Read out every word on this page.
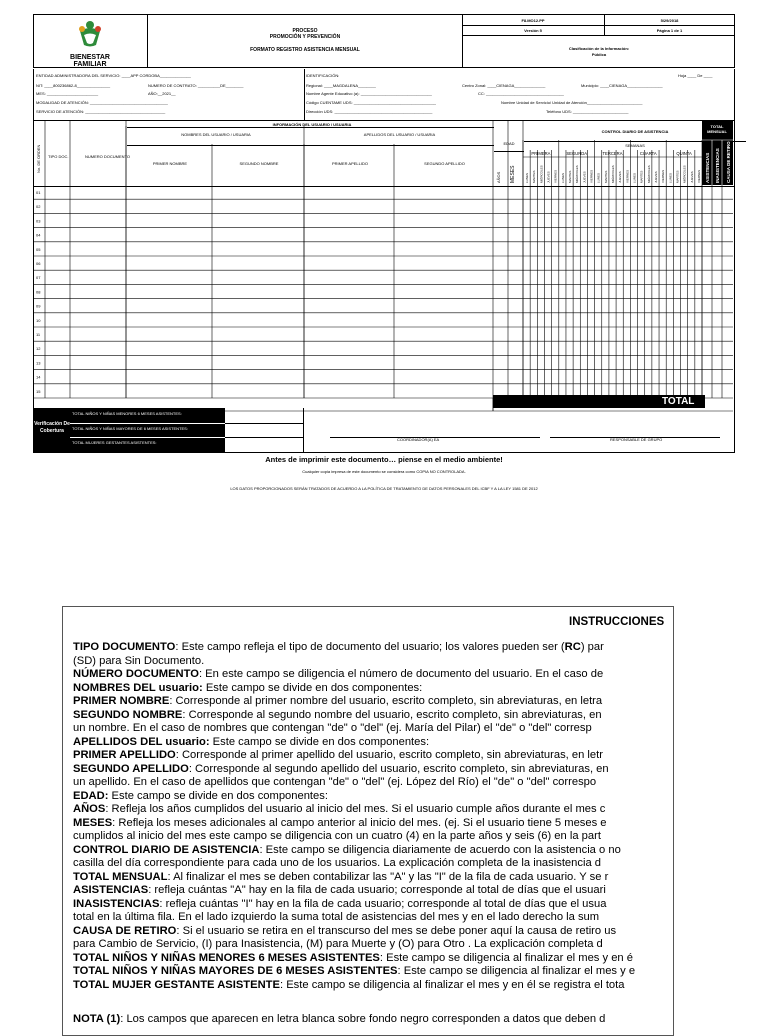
BIENESTAR
FAMILIAR
PROCESO
PROMOCIÓN Y PREVENCIÓN
FORMATO REGISTRO ASISTENCIA MENSUAL
F8.MO12.PP	5/29/2018
Versión 5	Página 1 de 1
Clasificación de la Información:
Pública
ENTIDAD ADMINISTRADORA DEL SERVICIO: ____APP CORDOBA______________
NIT: ____800236862-8_______________	NUMERO DE CONTRATO: __________DE________
MES: _______________________	AÑO:__2021__
MODALIDAD DE ATENCIÓN: ___________________________________
SERVICIO DE ATENCIÓN: ____________________________________
IDENTIFICACIÓN:
Regional: ____MAGDALENA________
Nombre Agente Educativo (a): ________________________________
Código CUENTAME UDS: _____________________________________
Dirección UDS: ____________________________________________
Centro Zonal: ____CIENAGA______________	Municipio: ____CIENAGA________________
CC: ___________________________________
Nombre Unidad de Servicio/ Unidad de Atención_________________________
Teléfono UDS: _________________________
Hoja ____ De ____
INFORMACIÓN DEL USUARIO / USUARIA
NOMBRES DEL USUARIO / USUARIA	APELLIDOS DEL USUARIO / USUARIA
No. DE ORDEN TIPO DOC.	NUMERO DOCUMENTO
PRIMER NOMBRE	SEGUNDO NOMBRE	PRIMER APELLIDO	SEGUNDO APELLIDO
EDAD
AÑOS MESES
CONTROL DIARIO DE ASISTENCIA
SEMANAS
PRIMERA	SEGUNDA	TERCERA	CUARTA	QUINTA
LUNES MARTES	MIÉRCOLES JUEVES VIERNES LUNES MARTES	MIÉRCOLES JUEVES VIERNES LUNES MARTES	MIÉRCOLES JUEVES VIERNES LUNES MARTES	MIÉRCOLES JUEVES VIERNES LUNES MARTES	MIÉRCOLES JUEVES VIERNES
TOTAL
MENSUAL
ASISTENCIAS INASISTENCIAS CAUSA DE RETIRO
01
02
03
04
05
06
07
08
09
10
11
12
13
14
15
TOTAL MENSUAL
TOTAL
Verificación De Cobertura
TOTAL NIÑOS Y NIÑAS MENORES 6 MESES ASISTENTES:
TOTAL NIÑOS Y NIÑAS MAYORES DE 6 MESES ASISTENTES:
TOTAL MUJERES GESTANTES ASISTENTES:
COORDINADOR(A) EA	RESPONSABLE DE GRUPO
Antes de imprimir este documento… piense en el medio ambiente!
Cualquier copia impresa de este documento se considera como COPIA NO CONTROLADA.
LOS DATOS PROPORCIONADOS SERÁN TRATADOS DE ACUERDO A LA POLÍTICA DE TRATAMIENTO DE DATOS PERSONALES DEL ICBF Y A LA LEY 1581 DE 2012
INSTRUCCIONES
TIPO DOCUMENTO: Este campo refleja el tipo de documento del usuario; los valores pueden ser (RC) par
(SD) para Sin Documento.
NÚMERO DOCUMENTO: En este campo se diligencia el número de documento del usuario. En el caso de
NOMBRES DEL usuario: Este campo se divide en dos componentes:
PRIMER NOMBRE: Corresponde al primer nombre del usuario, escrito completo, sin abreviaturas, en letra
SEGUNDO NOMBRE: Corresponde al segundo nombre del usuario, escrito completo, sin abreviaturas, en
un nombre. En el caso de nombres que contengan "de" o "del" (ej. María del Pilar) el "de" o "del" corresp
APELLIDOS DEL usuario: Este campo se divide en dos componentes:
PRIMER APELLIDO: Corresponde al primer apellido del usuario, escrito completo, sin abreviaturas, en letr
SEGUNDO APELLIDO: Corresponde al segundo apellido del usuario, escrito completo, sin abreviaturas, en
un apellido. En el caso de apellidos que contengan "de" o "del" (ej. López del Río) el "de" o "del" correspo
EDAD: Este campo se divide en dos componentes:
AÑOS: Refleja los años cumplidos del usuario al inicio del mes. Si el usuario cumple años durante el mes c
MESES: Refleja los meses adicionales al campo anterior al inicio del mes. (ej. Si el usuario tiene 5 meses e
cumplidos al inicio del mes este campo se diligencia con un cuatro (4) en la parte años y seis (6) en la part
CONTROL DIARIO DE ASISTENCIA: Este campo se diligencia diariamente de acuerdo con la asistencia o no
casilla del día correspondiente para cada uno de los usuarios. La explicación completa de la inasistencia d
TOTAL MENSUAL: Al finalizar el mes se deben contabilizar las "A" y las "I" de la fila de cada usuario. Y se r
ASISTENCIAS: refleja cuántas "A" hay en la fila de cada usuario; corresponde al total de días que el usuari
INASISTENCIAS: refleja cuántas "I" hay en la fila de cada usuario; corresponde al total de días que el usua
total en la última fila. En el lado izquierdo la suma total de asistencias del mes y en el lado derecho la sum
CAUSA DE RETIRO: Si el usuario se retira en el transcurso del mes se debe poner aquí la causa de retiro us
para Cambio de Servicio, (I) para Inasistencia, (M) para Muerte y (O) para Otro . La explicación completa d
TOTAL NIÑOS Y NIÑAS MENORES 6 MESES ASISTENTES: Este campo se diligencia al finalizar el mes y en é
TOTAL NIÑOS Y NIÑAS MAYORES DE 6 MESES ASISTENTES: Este campo se diligencia al finalizar el mes y e
TOTAL MUJER GESTANTE ASISTENTE: Este campo se diligencia al finalizar el mes y en él se registra el tota
NOTA (1): Los campos que aparecen en letra blanca sobre fondo negro corresponden a datos que deben d
